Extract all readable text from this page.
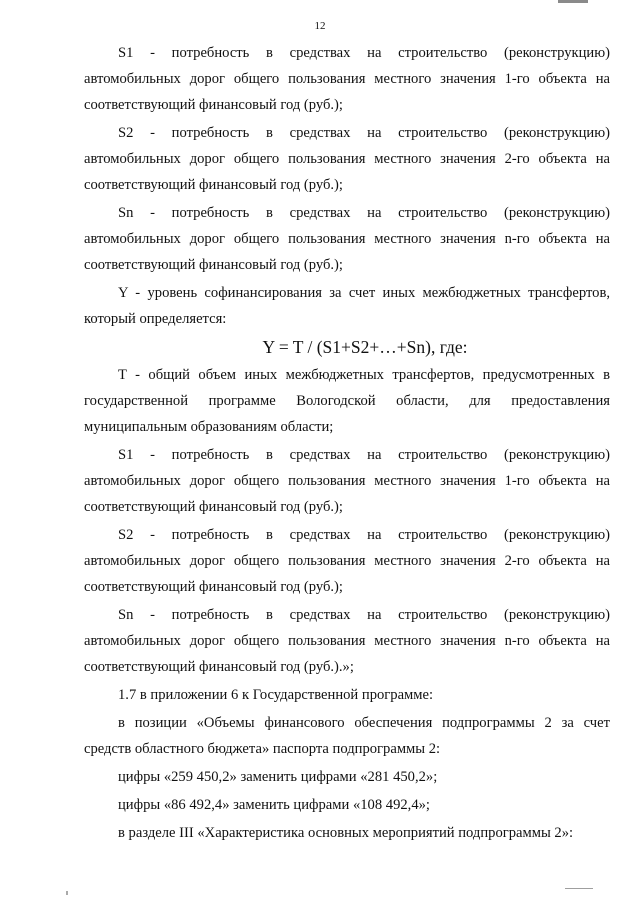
12

S1 - потребность в средствах на строительство (реконструкцию) автомобильных дорог общего пользования местного значения 1-го объекта на соответствующий финансовый год (руб.);

S2 - потребность в средствах на строительство (реконструкцию) автомобильных дорог общего пользования местного значения 2-го объекта на соответствующий финансовый год (руб.);

Sn - потребность в средствах на строительство (реконструкцию) автомобильных дорог общего пользования местного значения n-го объекта на соответствующий финансовый год (руб.);

Y - уровень софинансирования за счет иных межбюджетных трансфертов, который определяется:

Y = T / (S1+S2+…+Sn), где:

T - общий объем иных межбюджетных трансфертов, предусмотренных в государственной программе Вологодской области, для предоставления муниципальным образованиям области;

S1 - потребность в средствах на строительство (реконструкцию) автомобильных дорог общего пользования местного значения 1-го объекта на соответствующий финансовый год (руб.);

S2 - потребность в средствах на строительство (реконструкцию) автомобильных дорог общего пользования местного значения 2-го объекта на соответствующий финансовый год (руб.);

Sn - потребность в средствах на строительство (реконструкцию) автомобильных дорог общего пользования местного значения n-го объекта на соответствующий финансовый год (руб.).»;

1.7 в приложении 6 к Государственной программе:

в позиции «Объемы финансового обеспечения подпрограммы 2 за счет средств областного бюджета» паспорта подпрограммы 2:

цифры «259 450,2» заменить цифрами «281 450,2»;

цифры «86 492,4» заменить цифрами «108 492,4»;

в разделе III «Характеристика основных мероприятий подпрограммы 2»:
